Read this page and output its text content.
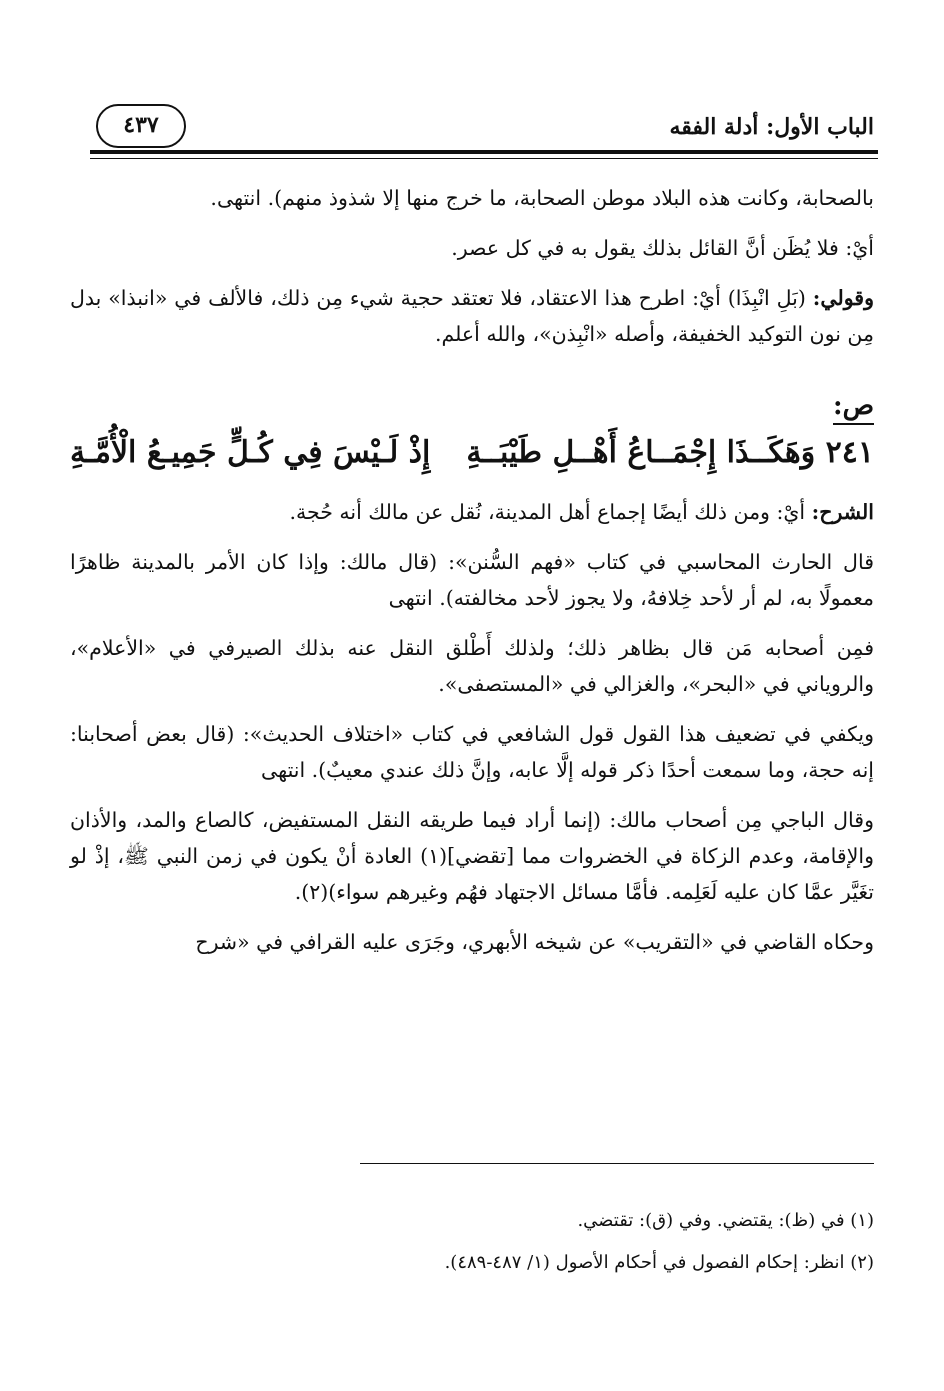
الباب الأول: أدلة الفقه
٤٣٧

بالصحابة، وكانت هذه البلاد موطن الصحابة، ما خرج منها إلا شذوذ منهم). انتهى.

أيْ: فلا يُظَن أنَّ القائل بذلك يقول به في كل عصر.

وقولي: (بَلِ انْبِذَا) أيْ: اطرح هذا الاعتقاد، فلا تعتقد حجية شيء مِن ذلك، فالألف في «انبذا» بدل مِن نون التوكيد الخفيفة، وأصله «انْبِذن»، والله أعلم.

ص:
٢٤١ وَهَكَــذَا إِجْمَــاعُ أَهْــلِ طَيْبَــةِ
إِذْ لَـيْسَ فِي كُـلٍّ جَمِيـعُ الْأُمَّـةِ

الشرح: أيْ: ومن ذلك أيضًا إجماع أهل المدينة، نُقل عن مالك أنه حُجة.

قال الحارث المحاسبي في كتاب «فهم السُّنن»: (قال مالك: وإذا كان الأمر بالمدينة ظاهرًا معمولًا به، لم أر لأحد خِلافهُ، ولا يجوز لأحد مخالفته). انتهى

فمِن أصحابه مَن قال بظاهر ذلك؛ ولذلك أَطْلق النقل عنه بذلك الصيرفي في «الأعلام»، والروياني في «البحر»، والغزالي في «المستصفى».

ويكفي في تضعيف هذا القول قول الشافعي في كتاب «اختلاف الحديث»: (قال بعض أصحابنا: إنه حجة، وما سمعت أحدًا ذكر قوله إلَّا عابه، وإنَّ ذلك عندي معيبٌ). انتهى

وقال الباجي مِن أصحاب مالك: (إنما أراد فيما طريقه النقل المستفيض، كالصاع والمد، والأذان والإقامة، وعدم الزكاة في الخضروات مما [تقضي](١) العادة أنْ يكون في زمن النبي ﷺ، إذْ لو تغَيَّر عمَّا كان عليه لَعَلِمه. فأمَّا مسائل الاجتهاد فهُم وغيرهم سواء)(٢).

وحكاه القاضي في «التقريب» عن شيخه الأبهري، وجَرَى عليه القرافي في «شرح

(١) في (ظ): يقتضي. وفي (ق): تقتضي.
(٢) انظر: إحكام الفصول في أحكام الأصول (١/ ٤٨٧-٤٨٩).
